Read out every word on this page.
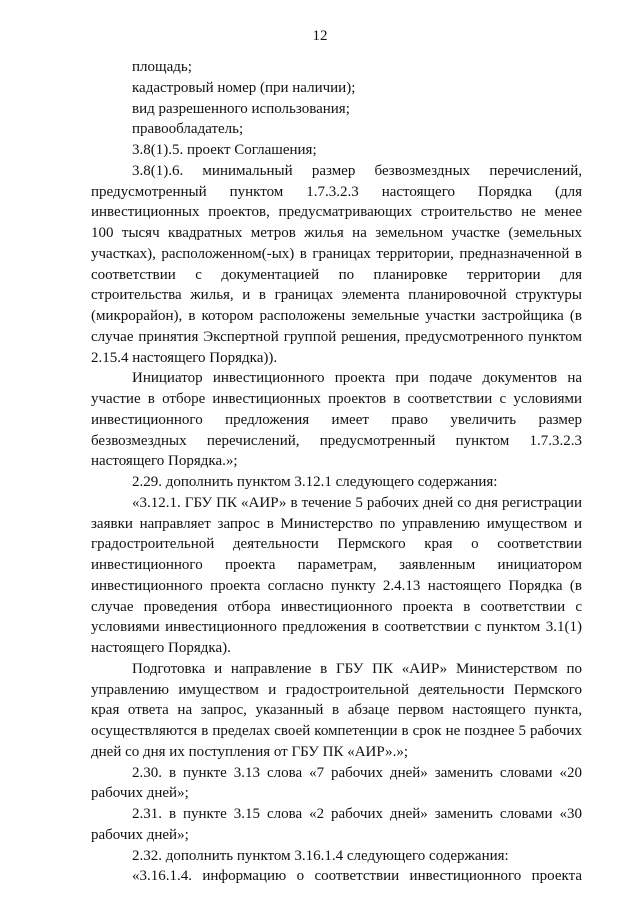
12

площадь;

кадастровый номер (при наличии);

вид разрешенного использования;

правообладатель;

3.8(1).5. проект Соглашения;

3.8(1).6. минимальный размер безвозмездных перечислений, предусмотренный пунктом 1.7.3.2.3 настоящего Порядка (для инвестиционных проектов, предусматривающих строительство не менее 100 тысяч квадратных метров жилья на земельном участке (земельных участках), расположенном(-ых) в границах территории, предназначенной в соответствии с документацией по планировке территории для строительства жилья, и в границах элемента планировочной структуры (микрорайон), в котором расположены земельные участки застройщика (в случае принятия Экспертной группой решения, предусмотренного пунктом 2.15.4 настоящего Порядка)).

Инициатор инвестиционного проекта при подаче документов на участие в отборе инвестиционных проектов в соответствии с условиями инвестиционного предложения имеет право увеличить размер безвозмездных перечислений, предусмотренный пунктом 1.7.3.2.3 настоящего Порядка.»;

2.29. дополнить пунктом 3.12.1 следующего содержания:

«3.12.1. ГБУ ПК «АИР» в течение 5 рабочих дней со дня регистрации заявки направляет запрос в Министерство по управлению имуществом и градостроительной деятельности Пермского края о соответствии инвестиционного проекта параметрам, заявленным инициатором инвестиционного проекта согласно пункту 2.4.13 настоящего Порядка (в случае проведения отбора инвестиционного проекта в соответствии с условиями инвестиционного предложения в соответствии с пунктом 3.1(1) настоящего Порядка).

Подготовка и направление в ГБУ ПК «АИР» Министерством по управлению имуществом и градостроительной деятельности Пермского края ответа на запрос, указанный в абзаце первом настоящего пункта, осуществляются в пределах своей компетенции в срок не позднее 5 рабочих дней со дня их поступления от ГБУ ПК «АИР».»;

2.30. в пункте 3.13 слова «7 рабочих дней» заменить словами «20 рабочих дней»;

2.31. в пункте 3.15 слова «2 рабочих дней» заменить словами «30 рабочих дней»;

2.32. дополнить пунктом 3.16.1.4 следующего содержания:

«3.16.1.4. информацию о соответствии инвестиционного проекта
